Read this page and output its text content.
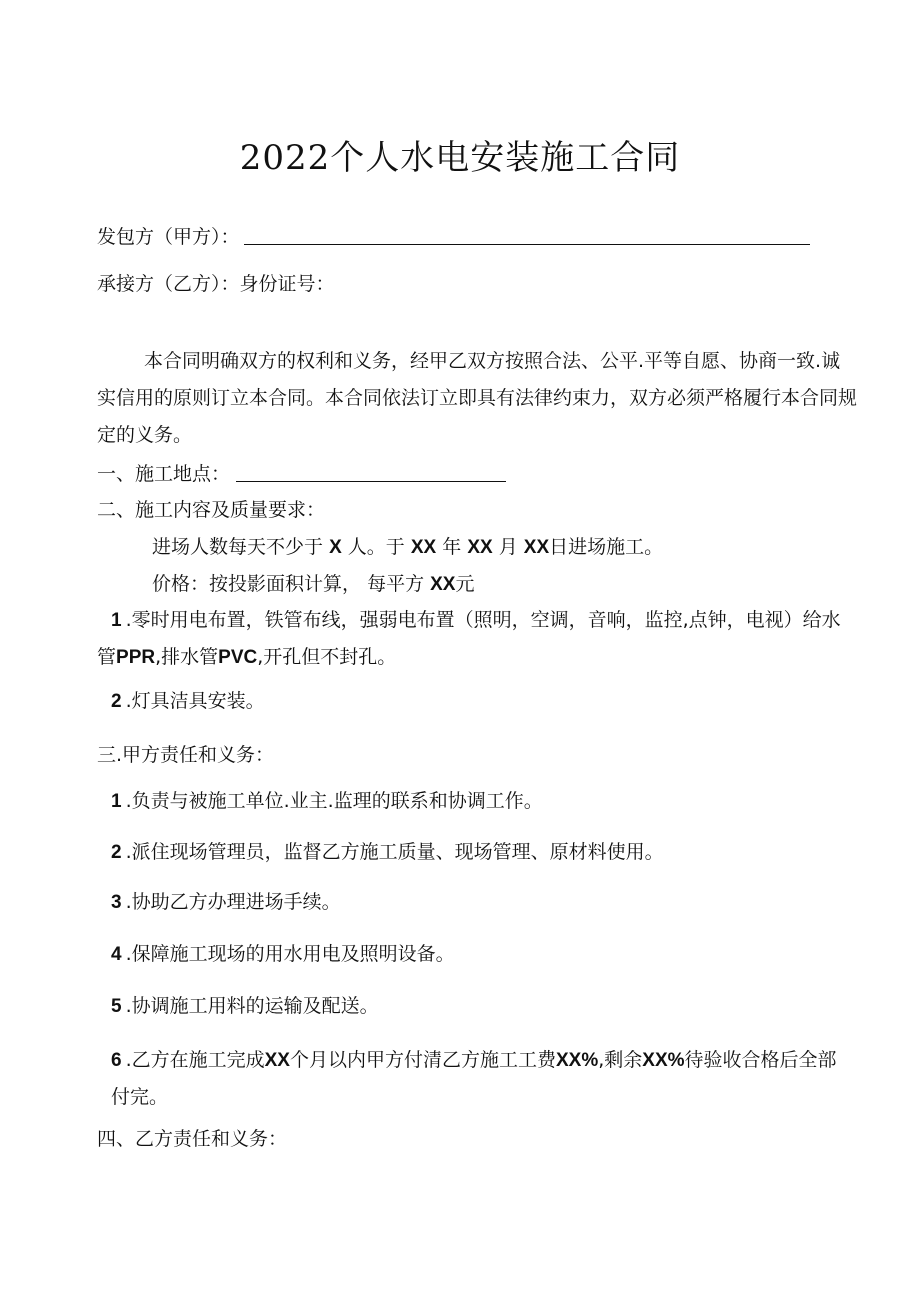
2022个人水电安装施工合同
发包方（甲方）：
承接方（乙方）：身份证号：
本合同明确双方的权利和义务，经甲乙双方按照合法、公平.平等自愿、协商一致.诚实信用的原则订立本合同。本合同依法订立即具有法律约束力，双方必须严格履行本合同规定的义务。
一、施工地点：
二、施工内容及质量要求：
进场人数每天不少于 X 人。于 XX 年 XX 月 XX日进场施工。
价格：按投影面积计算， 每平方 XX元
1 .零时用电布置，铁管布线，强弱电布置（照明，空调，音响，监控,点钟，电视）给水管PPR,排水管PVC,开孔但不封孔。
2 .灯具洁具安装。
三.甲方责任和义务：
1 .负责与被施工单位.业主.监理的联系和协调工作。
2 .派住现场管理员，监督乙方施工质量、现场管理、原材料使用。
3 .协助乙方办理进场手续。
4 .保障施工现场的用水用电及照明设备。
5 .协调施工用料的运输及配送。
6 .乙方在施工完成XX个月以内甲方付清乙方施工工费XX%,剩余XX%待验收合格后全部付完。
四、乙方责任和义务：
